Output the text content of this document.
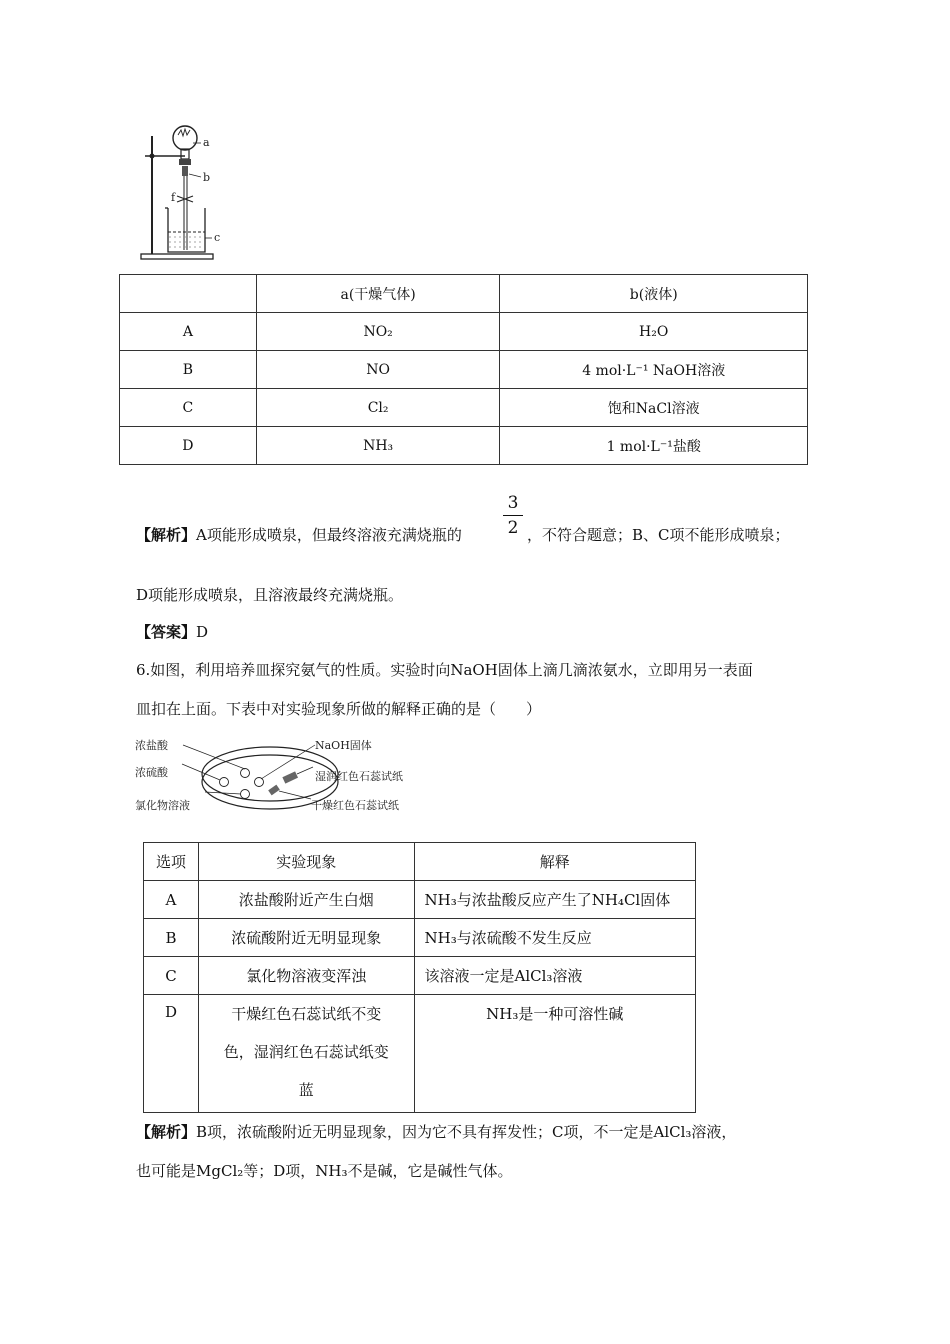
a
b
f
c
	a(干燥气体)	b(液体)
A	NO₂	H₂O
B	NO	4 mol·L⁻¹ NaOH溶液
C	Cl₂	饱和NaCl溶液
D	NH₃	1 mol·L⁻¹盐酸
【解析】A项能形成喷泉，但最终溶液充满烧瓶的
3
2 ，不符合题意；B、C项不能形成喷泉；
D项能形成喷泉，且溶液最终充满烧瓶。
【答案】D
6.如图，利用培养皿探究氨气的性质。实验时向NaOH固体上滴几滴浓氨水，立即用另一表面
皿扣在上面。下表中对实验现象所做的解释正确的是（　　）
浓盐酸
浓硫酸
氯化物溶液
NaOH固体
湿润红色石蕊试纸
干燥红色石蕊试纸
选项	实验现象	解释
A	浓盐酸附近产生白烟	NH₃与浓盐酸反应产生了NH₄Cl固体
B	浓硫酸附近无明显现象	NH₃与浓硫酸不发生反应
C	氯化物溶液变浑浊	该溶液一定是AlCl₃溶液
D	干燥红色石蕊试纸不变
色，湿润红色石蕊试纸变
蓝	NH₃是一种可溶性碱
【解析】B项，浓硫酸附近无明显现象，因为它不具有挥发性；C项，不一定是AlCl₃溶液，
也可能是MgCl₂等；D项，NH₃不是碱，它是碱性气体。
